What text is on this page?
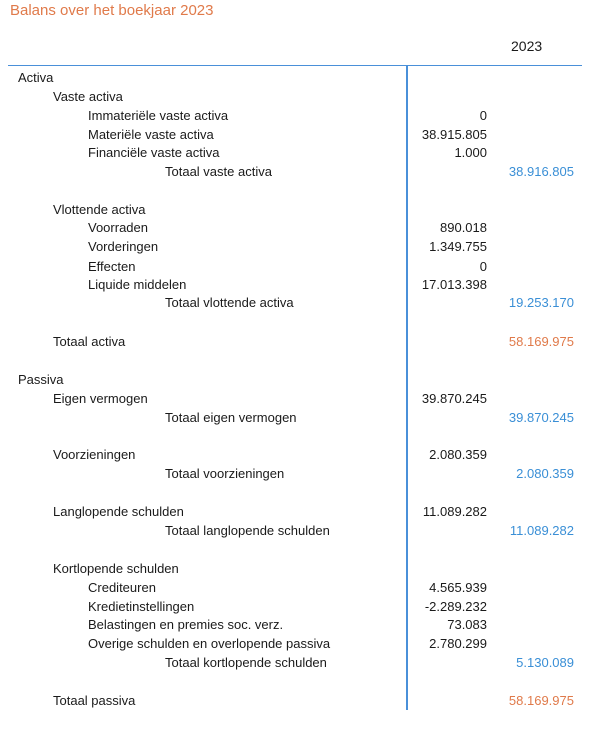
Balans over het boekjaar 2023
2023
Activa
Vaste activa
Immateriële vaste activa	0
Materiële vaste activa	38.915.805
Financiële vaste activa	1.000
Totaal vaste activa	38.916.805
Vlottende activa
Voorraden	890.018
Vorderingen	1.349.755
Effecten	0
Liquide middelen	17.013.398
Totaal vlottende activa	19.253.170
Totaal activa	58.169.975
Passiva
Eigen vermogen	39.870.245
Totaal eigen vermogen	39.870.245
Voorzieningen	2.080.359
Totaal voorzieningen	2.080.359
Langlopende schulden	11.089.282
Totaal langlopende schulden	11.089.282
Kortlopende schulden
Crediteuren	4.565.939
Kredietinstellingen	-2.289.232
Belastingen en premies soc. verz.	73.083
Overige schulden en overlopende passiva	2.780.299
Totaal kortlopende schulden	5.130.089
Totaal passiva	58.169.975
